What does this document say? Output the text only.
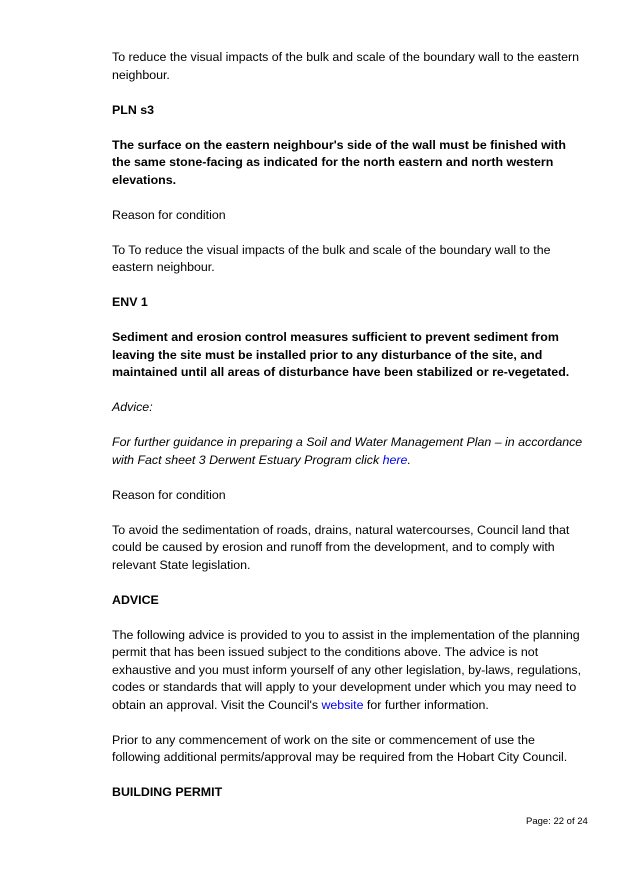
To reduce the visual impacts of the bulk and scale of the boundary wall to the eastern neighbour.

PLN s3

The surface on the eastern neighbour's side of the wall must be finished with the same stone-facing as indicated for the north eastern and north western elevations.

Reason for condition

To To reduce the visual impacts of the bulk and scale of the boundary wall to the eastern neighbour.

ENV 1

Sediment and erosion control measures sufficient to prevent sediment from leaving the site must be installed prior to any disturbance of the site, and maintained until all areas of disturbance have been stabilized or re-vegetated.

Advice:

For further guidance in preparing a Soil and Water Management Plan – in accordance with Fact sheet 3 Derwent Estuary Program click here.

Reason for condition

To avoid the sedimentation of roads, drains, natural watercourses, Council land that could be caused by erosion and runoff from the development, and to comply with relevant State legislation.

ADVICE

The following advice is provided to you to assist in the implementation of the planning permit that has been issued subject to the conditions above. The advice is not exhaustive and you must inform yourself of any other legislation, by-laws, regulations, codes or standards that will apply to your development under which you may need to obtain an approval. Visit the Council's website for further information.

Prior to any commencement of work on the site or commencement of use the following additional permits/approval may be required from the Hobart City Council.

BUILDING PERMIT

Page: 22 of 24
